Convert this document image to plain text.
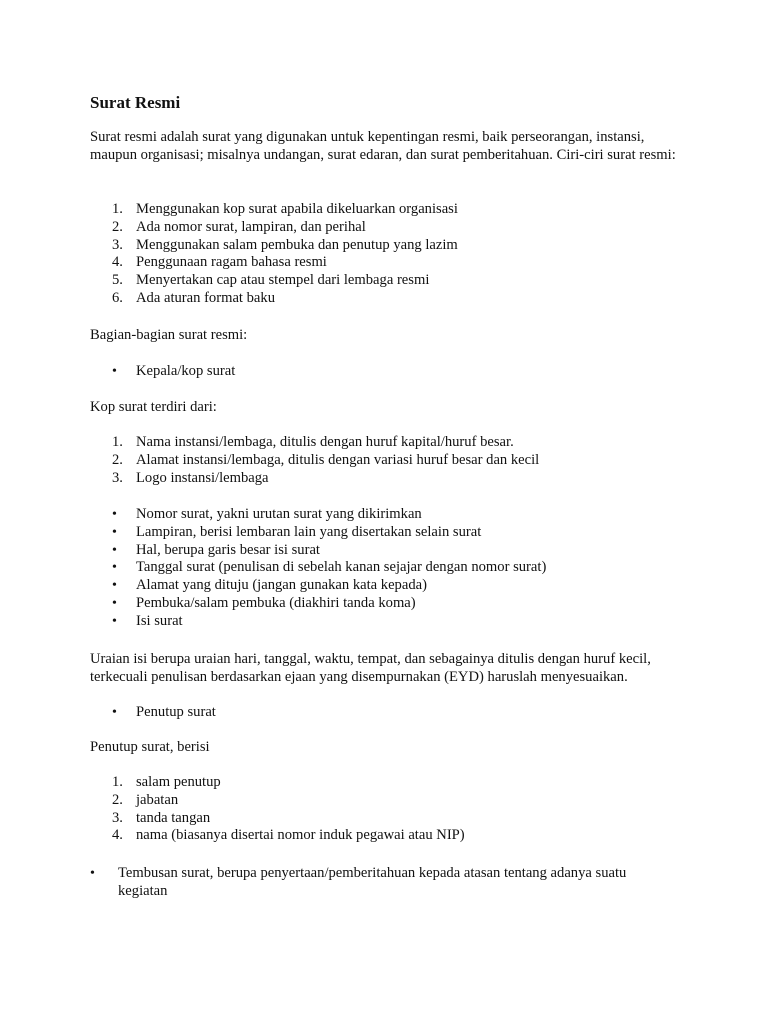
Surat Resmi

Surat resmi adalah surat yang digunakan untuk kepentingan resmi, baik perseorangan, instansi, maupun organisasi; misalnya undangan, surat edaran, dan surat pemberitahuan. Ciri-ciri surat resmi:

1. Menggunakan kop surat apabila dikeluarkan organisasi
2. Ada nomor surat, lampiran, dan perihal
3. Menggunakan salam pembuka dan penutup yang lazim
4. Penggunaan ragam bahasa resmi
5. Menyertakan cap atau stempel dari lembaga resmi
6. Ada aturan format baku

Bagian-bagian surat resmi:

• Kepala/kop surat

Kop surat terdiri dari:

1. Nama instansi/lembaga, ditulis dengan huruf kapital/huruf besar.
2. Alamat instansi/lembaga, ditulis dengan variasi huruf besar dan kecil
3. Logo instansi/lembaga
• Nomor surat, yakni urutan surat yang dikirimkan
• Lampiran, berisi lembaran lain yang disertakan selain surat
• Hal, berupa garis besar isi surat
• Tanggal surat (penulisan di sebelah kanan sejajar dengan nomor surat)
• Alamat yang dituju (jangan gunakan kata kepada)
• Pembuka/salam pembuka (diakhiri tanda koma)
• Isi surat

Uraian isi berupa uraian hari, tanggal, waktu, tempat, dan sebagainya ditulis dengan huruf kecil, terkecuali penulisan berdasarkan ejaan yang disempurnakan (EYD) haruslah menyesuaikan.

• Penutup surat

Penutup surat, berisi

1. salam penutup
2. jabatan
3. tanda tangan
4. nama (biasanya disertai nomor induk pegawai atau NIP)
• Tembusan surat, berupa penyertaan/pemberitahuan kepada atasan tentang adanya suatu kegiatan
